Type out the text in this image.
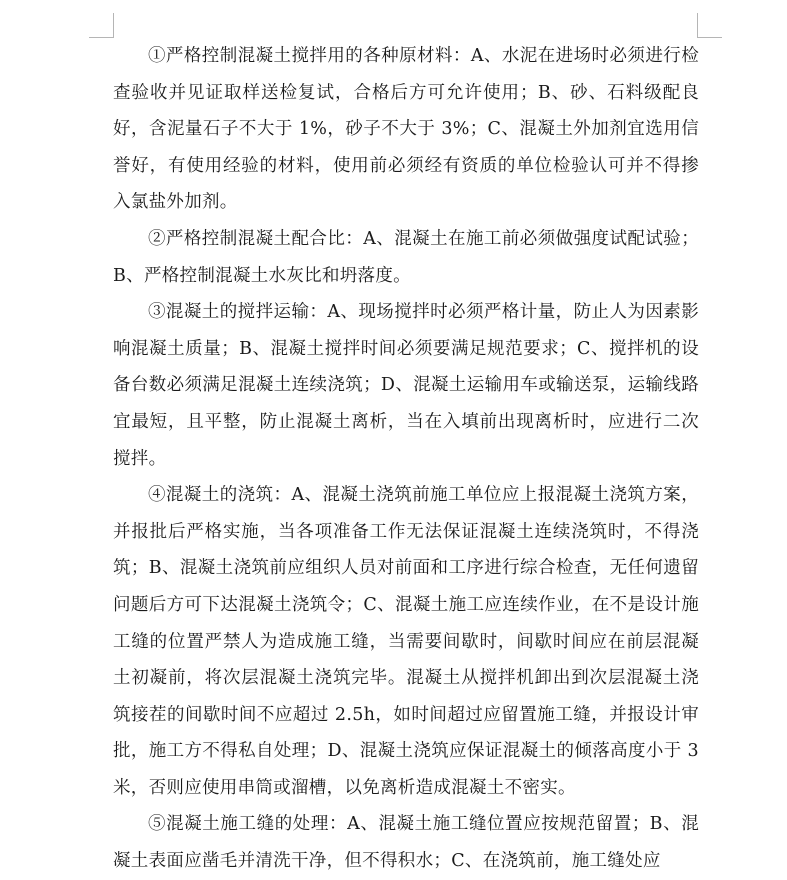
①严格控制混凝土搅拌用的各种原材料：A、水泥在进场时必须进行检查验收并见证取样送检复试，合格后方可允许使用；B、砂、石料级配良好，含泥量石子不大于 1%，砂子不大于 3%；C、混凝土外加剂宜选用信誉好，有使用经验的材料，使用前必须经有资质的单位检验认可并不得掺入氯盐外加剂。

②严格控制混凝土配合比：A、混凝土在施工前必须做强度试配试验；B、严格控制混凝土水灰比和坍落度。

③混凝土的搅拌运输：A、现场搅拌时必须严格计量，防止人为因素影响混凝土质量；B、混凝土搅拌时间必须要满足规范要求；C、搅拌机的设备台数必须满足混凝土连续浇筑；D、混凝土运输用车或输送泵，运输线路宜最短，且平整，防止混凝土离析，当在入填前出现离析时，应进行二次搅拌。

④混凝土的浇筑：A、混凝土浇筑前施工单位应上报混凝土浇筑方案，并报批后严格实施，当各项准备工作无法保证混凝土连续浇筑时，不得浇筑；B、混凝土浇筑前应组织人员对前面和工序进行综合检查，无任何遗留问题后方可下达混凝土浇筑令；C、混凝土施工应连续作业，在不是设计施工缝的位置严禁人为造成施工缝，当需要间歇时，间歇时间应在前层混凝土初凝前，将次层混凝土浇筑完毕。混凝土从搅拌机卸出到次层混凝土浇筑接茬的间歇时间不应超过 2.5h，如时间超过应留置施工缝，并报设计审批，施工方不得私自处理；D、混凝土浇筑应保证混凝土的倾落高度小于 3 米，否则应使用串筒或溜槽，以免离析造成混凝土不密实。

⑤混凝土施工缝的处理：A、混凝土施工缝位置应按规范留置；B、混凝土表面应凿毛并清洗干净，但不得积水；C、在浇筑前，施工缝处应
